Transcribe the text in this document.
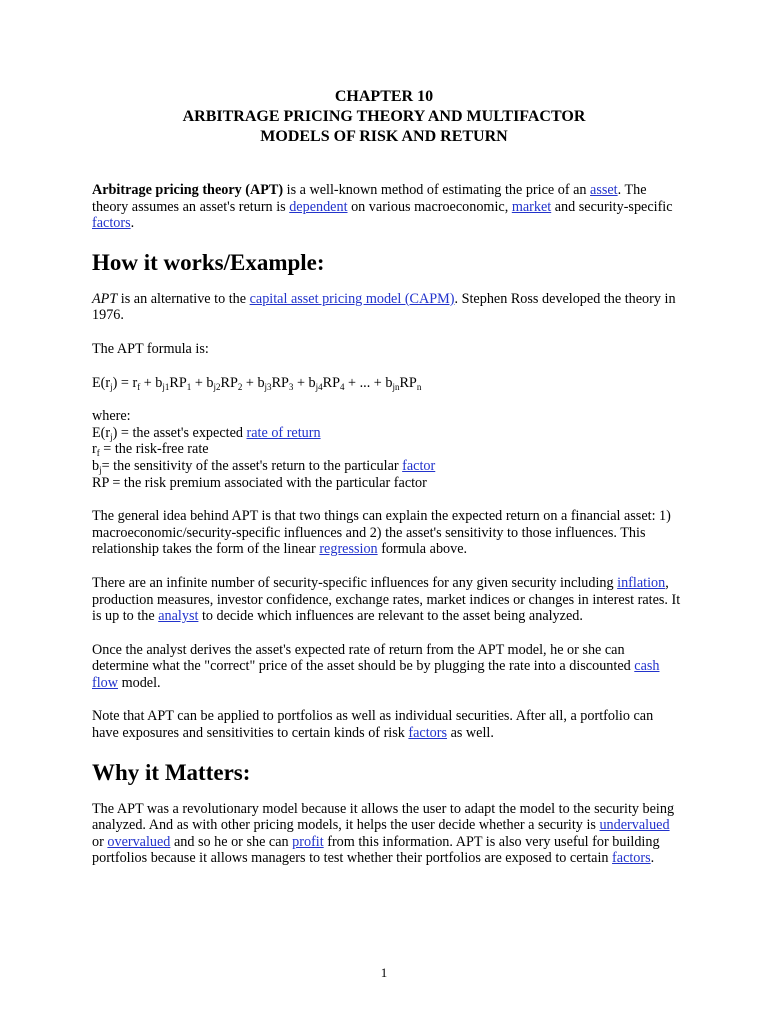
CHAPTER 10
ARBITRAGE PRICING THEORY AND MULTIFACTOR
MODELS OF RISK AND RETURN

Arbitrage pricing theory (APT) is a well-known method of estimating the price of an asset. The theory assumes an asset's return is dependent on various macroeconomic, market and security-specific factors.

How it works/Example:

APT is an alternative to the capital asset pricing model (CAPM). Stephen Ross developed the theory in 1976.

The APT formula is:

$E(r_j) = r_f + b_{j1}RP_1 + b_{j2}RP_2 + b_{j3}RP_3 + b_{j4}RP_4$ + ... + $b_{jn}RP_n$

where:
$E(r_j)$ = the asset's expected rate of return
$r_f$ = the risk-free rate
$b_j=$ the sensitivity of the asset's return to the particular factor
RP = the risk premium associated with the particular factor

The general idea behind APT is that two things can explain the expected return on a financial asset: 1) macroeconomic/security-specific influences and 2) the asset's sensitivity to those influences. This relationship takes the form of the linear regression formula above.

There are an infinite number of security-specific influences for any given security including inflation, production measures, investor confidence, exchange rates, market indices or changes in interest rates. It is up to the analyst to decide which influences are relevant to the asset being analyzed.

Once the analyst derives the asset's expected rate of return from the APT model, he or she can determine what the "correct" price of the asset should be by plugging the rate into a discounted cash flow model.

Note that APT can be applied to portfolios as well as individual securities. After all, a portfolio can have exposures and sensitivities to certain kinds of risk factors as well.

Why it Matters:

The APT was a revolutionary model because it allows the user to adapt the model to the security being analyzed. And as with other pricing models, it helps the user decide whether a security is undervalued or overvalued and so he or she can profit from this information. APT is also very useful for building portfolios because it allows managers to test whether their portfolios are exposed to certain factors.

1
